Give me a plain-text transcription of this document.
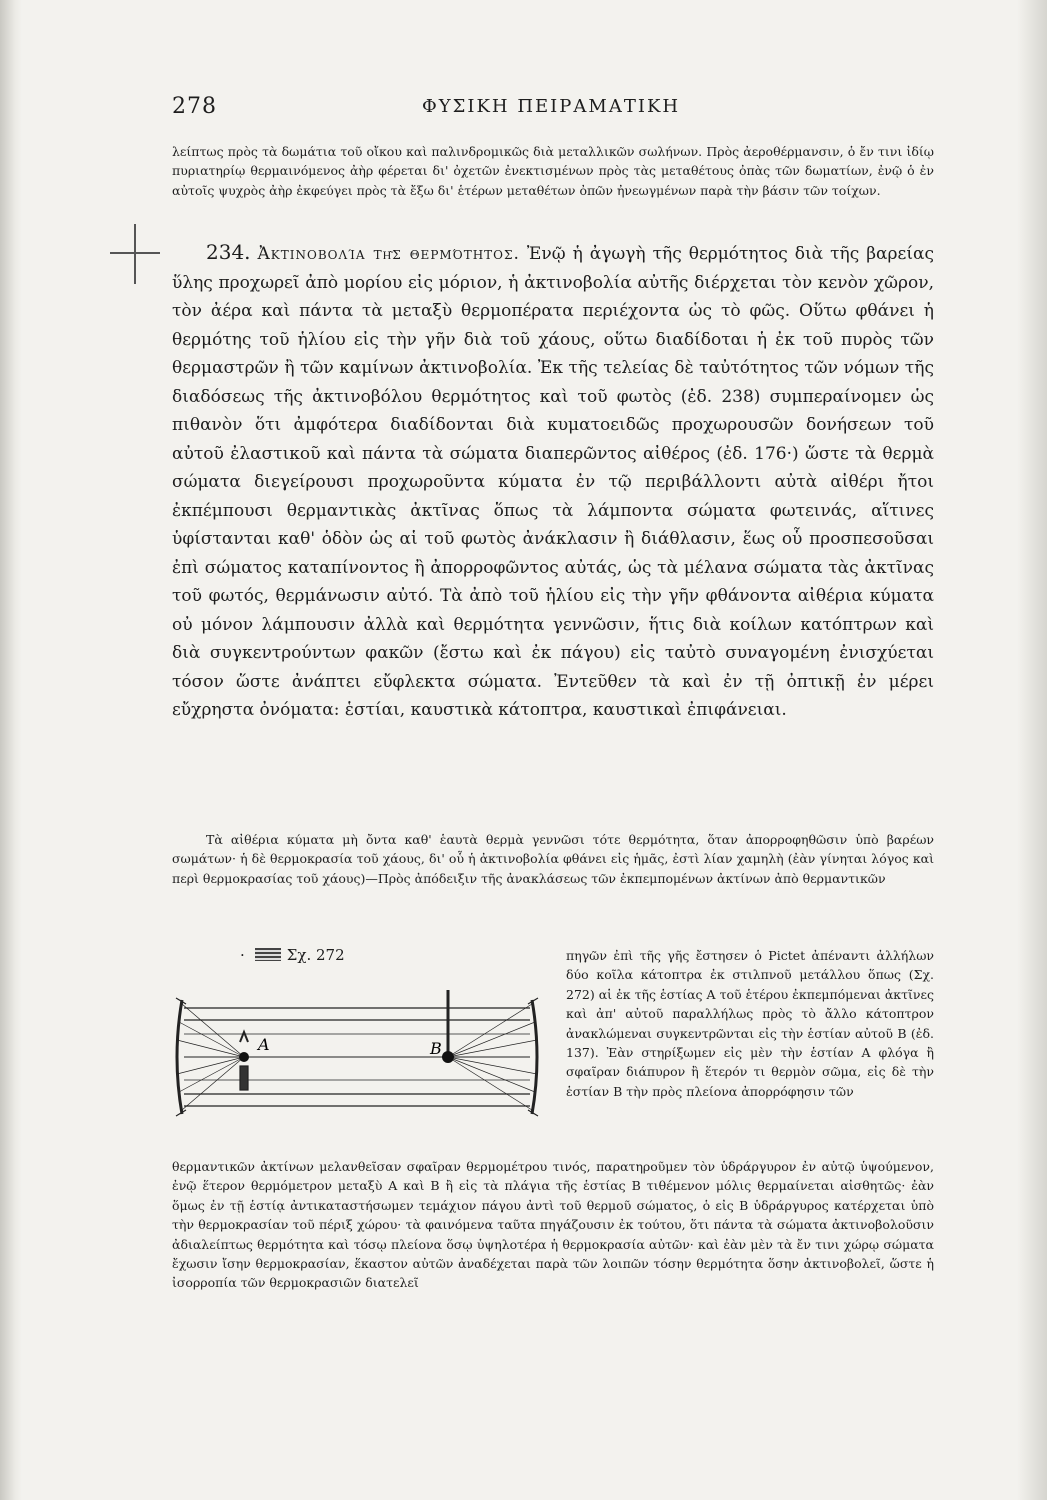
278	ΦΥΣΙΚΗ ΠΕΙΡΑΜΑΤΙΚΗ

λείπτως πρὸς τὰ δωμάτια τοῦ οἴκου καὶ παλινδρομικῶς διὰ μεταλλικῶν σωλήνων. Πρὸς ἀεροθέρμανσιν, ὁ ἔν τινι ἰδίῳ πυριατηρίῳ θερμαινόμενος ἀὴρ φέρεται δι' ὀχετῶν ἐνεκτισμένων πρὸς τὰς μεταθέτους ὀπὰς τῶν δωματίων, ἐνῷ ὁ ἐν αὐτοῖς ψυχρὸς ἀὴρ ἐκφεύγει πρὸς τὰ ἔξω δι' ἑτέρων μεταθέτων ὀπῶν ἠνεωγμένων παρὰ τὴν βάσιν τῶν τοίχων.

234. Ἀκτινοβολία τῆς θερμότητος. Ἐνῷ ἡ ἀγωγὴ τῆς θερμότητος διὰ τῆς βαρείας ὕλης προχωρεῖ ἀπὸ μορίου εἰς μόριον, ἡ ἀκτινοβολία αὐτῆς διέρχεται τὸν κενὸν χῶρον, τὸν ἀέρα καὶ πάντα τὰ μεταξὺ θερμοπέρατα περιέχοντα ὡς τὸ φῶς. Οὕτω φθάνει ἡ θερμότης τοῦ ἡλίου εἰς τὴν γῆν διὰ τοῦ χάους, οὕτω διαδίδοται ἡ ἐκ τοῦ πυρὸς τῶν θερμαστρῶν ἢ τῶν καμίνων ἀκτινοβολία. Ἐκ τῆς τελείας δὲ ταὐτότητος τῶν νόμων τῆς διαδόσεως τῆς ἀκτινοβόλου θερμότητος καὶ τοῦ φωτὸς (ἐδ. 238) συμπεραίνομεν ὡς πιθανὸν ὅτι ἀμφότερα διαδίδονται διὰ κυματοειδῶς προχωρουσῶν δονήσεων τοῦ αὐτοῦ ἐλαστικοῦ καὶ πάντα τὰ σώματα διαπερῶντος αἰθέρος (ἐδ. 176·) ὥστε τὰ θερμὰ σώματα διεγείρουσι προχωροῦντα κύματα ἐν τῷ περιβάλλοντι αὐτὰ αἰθέρι ἤτοι ἐκπέμπουσι θερμαντικὰς ἀκτῖνας ὅπως τὰ λάμποντα σώματα φωτεινάς, αἵτινες ὑφίστανται καθ' ὁδὸν ὡς αἱ τοῦ φωτὸς ἀνάκλασιν ἢ διάθλασιν, ἕως οὗ προσπεσοῦσαι ἐπὶ σώματος καταπίνοντος ἢ ἀπορροφῶντος αὐτάς, ὡς τὰ μέλανα σώματα τὰς ἀκτῖνας τοῦ φωτός, θερμάνωσιν αὐτό. Τὰ ἀπὸ τοῦ ἡλίου εἰς τὴν γῆν φθάνοντα αἰθέρια κύματα οὐ μόνον λάμπουσιν ἀλλὰ καὶ θερμότητα γεννῶσιν, ἥτις διὰ κοίλων κατόπτρων καὶ διὰ συγκεντρούντων φακῶν (ἔστω καὶ ἐκ πάγου) εἰς ταὐτὸ συναγομένη ἐνισχύεται τόσον ὥστε ἀνάπτει εὔφλεκτα σώματα. Ἐντεῦθεν τὰ καὶ ἐν τῇ ὀπτικῇ ἐν μέρει εὔχρηστα ὀνόματα: ἑστίαι, καυστικὰ κάτοπτρα, καυστικαὶ ἐπιφάνειαι.

Τὰ αἰθέρια κύματα μὴ ὄντα καθ' ἑαυτὰ θερμὰ γεννῶσι τότε θερμότητα, ὅταν ἀπορροφηθῶσιν ὑπὸ βαρέων σωμάτων· ἡ δὲ θερμοκρασία τοῦ χάους, δι' οὗ ἡ ἀκτινοβολία φθάνει εἰς ἡμᾶς, ἐστὶ λίαν χαμηλὴ (ἐὰν γίνηται λόγος καὶ περὶ θερμοκρασίας τοῦ χάους)—Πρὸς ἀπόδειξιν τῆς ἀνακλάσεως τῶν ἐκπεμπομένων ἀκτίνων ἀπὸ θερμαντικῶν

·	Σχ. 272
A	B

πηγῶν ἐπὶ τῆς γῆς ἔστησεν ὁ Pictet ἀπέναντι ἀλλήλων δύο κοῖλα κάτοπτρα ἐκ στιλπνοῦ μετάλλου ὅπως (Σχ. 272) αἱ ἐκ τῆς ἑστίας Α τοῦ ἑτέρου ἐκπεμπόμεναι ἀκτῖνες καὶ ἀπ' αὐτοῦ παραλλήλως πρὸς τὸ ἄλλο κάτοπτρον ἀνακλώμεναι συγκεντρῶνται εἰς τὴν ἑστίαν αὐτοῦ Β (ἐδ. 137). Ἐὰν στηρίξωμεν εἰς μὲν τὴν ἑστίαν Α φλόγα ἢ σφαῖραν διάπυρον ἢ ἕτερόν τι θερμὸν σῶμα, εἰς δὲ τὴν ἑστίαν Β τὴν πρὸς πλείονα ἀπορρόφησιν τῶν

θερμαντικῶν ἀκτίνων μελανθεῖσαν σφαῖραν θερμομέτρου τινός, παρατηροῦμεν τὸν ὑδράργυρον ἐν αὐτῷ ὑψούμενον, ἐνῷ ἕτερον θερμόμετρον μεταξὺ Α καὶ Β ἢ εἰς τὰ πλάγια τῆς ἑστίας Β τιθέμενον μόλις θερμαίνεται αἰσθητῶς· ἐὰν ὅμως ἐν τῇ ἑστίᾳ ἀντικαταστήσωμεν τεμάχιον πάγου ἀντὶ τοῦ θερμοῦ σώματος, ὁ εἰς Β ὑδράργυρος κατέρχεται ὑπὸ τὴν θερμοκρασίαν τοῦ πέριξ χώρου· τὰ φαινόμενα ταῦτα πηγάζουσιν ἐκ τούτου, ὅτι πάντα τὰ σώματα ἀκτινοβολοῦσιν ἀδιαλείπτως θερμότητα καὶ τόσῳ πλείονα ὅσῳ ὑψηλοτέρα ἡ θερμοκρασία αὐτῶν· καὶ ἐὰν μὲν τὰ ἔν τινι χώρῳ σώματα ἔχωσιν ἴσην θερμοκρασίαν, ἕκαστον αὐτῶν ἀναδέχεται παρὰ τῶν λοιπῶν τόσην θερμότητα ὅσην ἀκτινοβολεῖ, ὥστε ἡ ἰσορροπία τῶν θερμοκρασιῶν διατελεῖ
